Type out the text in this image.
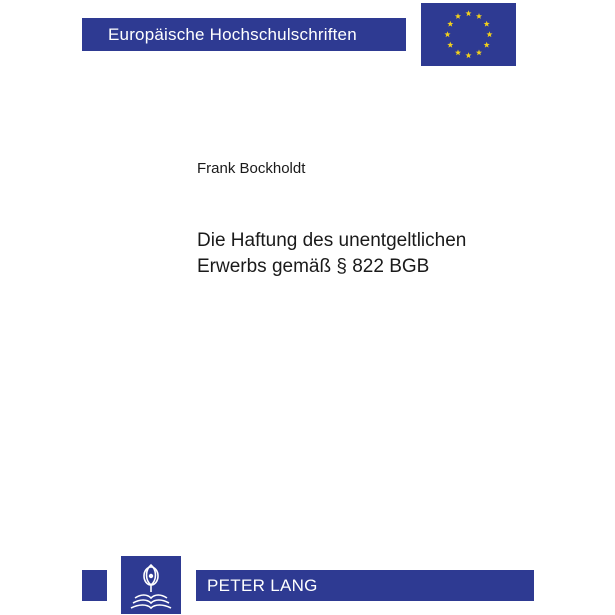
Europäische Hochschulschriften
Frank Bockholdt
Die Haftung des unentgeltlichen
Erwerbs gemäß § 822 BGB
PETER LANG
